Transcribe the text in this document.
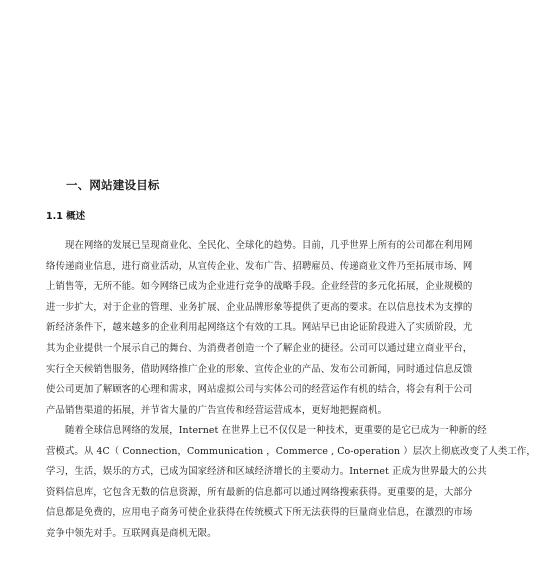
一、网站建设目标
1.1 概述
现在网络的发展已呈现商业化、全民化、全球化的趋势。目前，几乎世界上所有的公司都在利用网
络传递商业信息，进行商业活动，从宣传企业、发布广告、招聘雇员、传递商业文件乃至拓展市场、网
上销售等，无所不能。如今网络已成为企业进行竞争的战略手段。企业经营的多元化拓展，企业规模的
进一步扩大，对于企业的管理、业务扩展、企业品牌形象等提供了更高的要求。在以信息技术为支撑的
新经济条件下，越来越多的企业利用起网络这个有效的工具。网站早已由论证阶段进入了实质阶段，尤
其为企业提供一个展示自己的舞台、为消费者创造一个了解企业的捷径。公司可以通过建立商业平台，
实行全天候销售服务，借助网络推广企业的形象、宣传企业的产品、发布公司新闻，同时通过信息反馈
使公司更加了解顾客的心理和需求，网站虚拟公司与实体公司的经营运作有机的结合，将会有利于公司
产品销售渠道的拓展，并节省大量的广告宣传和经营运营成本，更好地把握商机。
随着全球信息网络的发展，Internet 在世界上已不仅仅是一种技术，更重要的是它已成为一种新的经
营模式。从 4C（ Connection，Communication ，Commerce , Co-operation ）层次上彻底改变了人类工作，
学习，生活，娱乐的方式，已成为国家经济和区域经济增长的主要动力。Internet 正成为世界最大的公共
资料信息库，它包含无数的信息资源，所有最新的信息都可以通过网络搜索获得。更重要的是，大部分
信息都是免费的，应用电子商务可使企业获得在传统模式下所无法获得的巨量商业信息，在激烈的市场
竞争中领先对手。互联网真是商机无限。
